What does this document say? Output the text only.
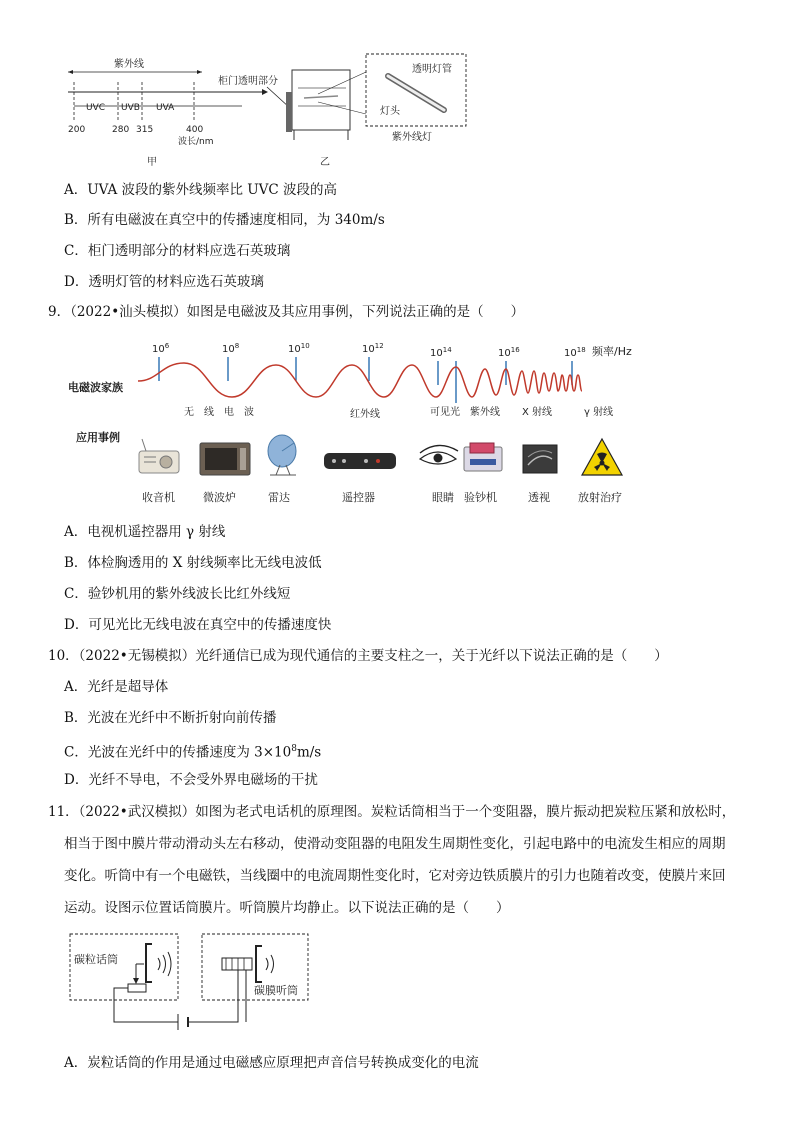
紫外线
UVC UVB UVA
200	280 315	400
波长/nm
甲
柜门透明部分
透明灯管
灯头
紫外线灯
乙
A．UVA 波段的紫外线频率比 UVC 波段的高
B．所有电磁波在真空中的传播速度相同，为 340m/s
C．柜门透明部分的材料应选石英玻璃
D．透明灯管的材料应选石英玻璃
9．（2022•汕头模拟）如图是电磁波及其应用事例，下列说法正确的是（　　）
$10^6$	$10^8$	$10^{10}$	$10^{12}$
$10^{14}$	$10^{16}$	$10^{18}$ 频率/Hz
电磁波家族
无　线　电　波	红外线	可见光 紫外线 X 射线	γ 射线
应用事例
收音机	微波炉	雷达	遥控器	眼睛 验钞机	透视	放射治疗
A．电视机遥控器用 γ 射线
B．体检胸透用的 X 射线频率比无线电波低
C．验钞机用的紫外线波长比红外线短
D．可见光比无线电波在真空中的传播速度快
10．（2022•无锡模拟）光纤通信已成为现代通信的主要支柱之一，关于光纤以下说法正确的是（　　）
A．光纤是超导体
B．光波在光纤中不断折射向前传播
C．光波在光纤中的传播速度为 $3\times 10^8m/s$
D．光纤不导电，不会受外界电磁场的干扰
11．（2022•武汉模拟）如图为老式电话机的原理图。炭粒话筒相当于一个变阻器，膜片振动把炭粒压紧和放松时，
相当于图中膜片带动滑动头左右移动，使滑动变阻器的电阻发生周期性变化，引起电路中的电流发生相应的周期
变化。听筒中有一个电磁铁，当线圈中的电流周期性变化时，它对旁边铁质膜片的引力也随着改变，使膜片来回
运动。设图示位置话筒膜片。听筒膜片均静止。以下说法正确的是（　　）
碳粒话筒
碳膜听筒
A．炭粒话筒的作用是通过电磁感应原理把声音信号转换成变化的电流
